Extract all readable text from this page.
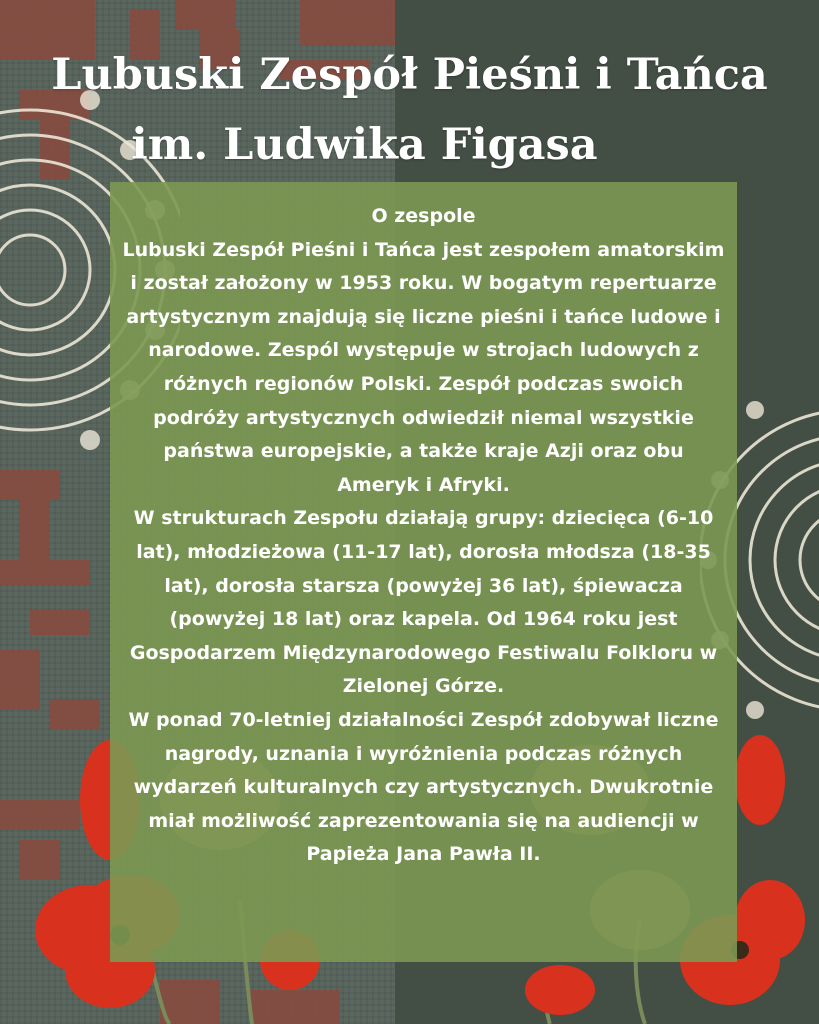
Lubuski Zespół Pieśni i Tańca
im. Ludwika Figasa
O zespole
Lubuski Zespół Pieśni i Tańca jest zespołem amatorskim i został założony w 1953 roku. W bogatym repertuarze artystycznym znajdują się liczne pieśni i tańce ludowe i narodowe. Zespól występuje w strojach ludowych z różnych regionów Polski. Zespół podczas swoich podróży artystycznych odwiedził niemal wszystkie państwa europejskie, a także kraje Azji oraz obu Ameryk i Afryki.
W strukturach Zespołu działają grupy: dziecięca (6-10 lat), młodzieżowa (11-17 lat), dorosła młodsza (18-35 lat), dorosła starsza (powyżej 36 lat), śpiewacza (powyżej 18 lat) oraz kapela. Od 1964 roku jest Gospodarzem Międzynarodowego Festiwalu Folkloru w Zielonej Górze.
W ponad 70-letniej działalności Zespół zdobywał liczne nagrody, uznania i wyróżnienia podczas różnych wydarzeń kulturalnych czy artystycznych. Dwukrotnie miał możliwość zaprezentowania się na audiencji w Papieża Jana Pawła II.
